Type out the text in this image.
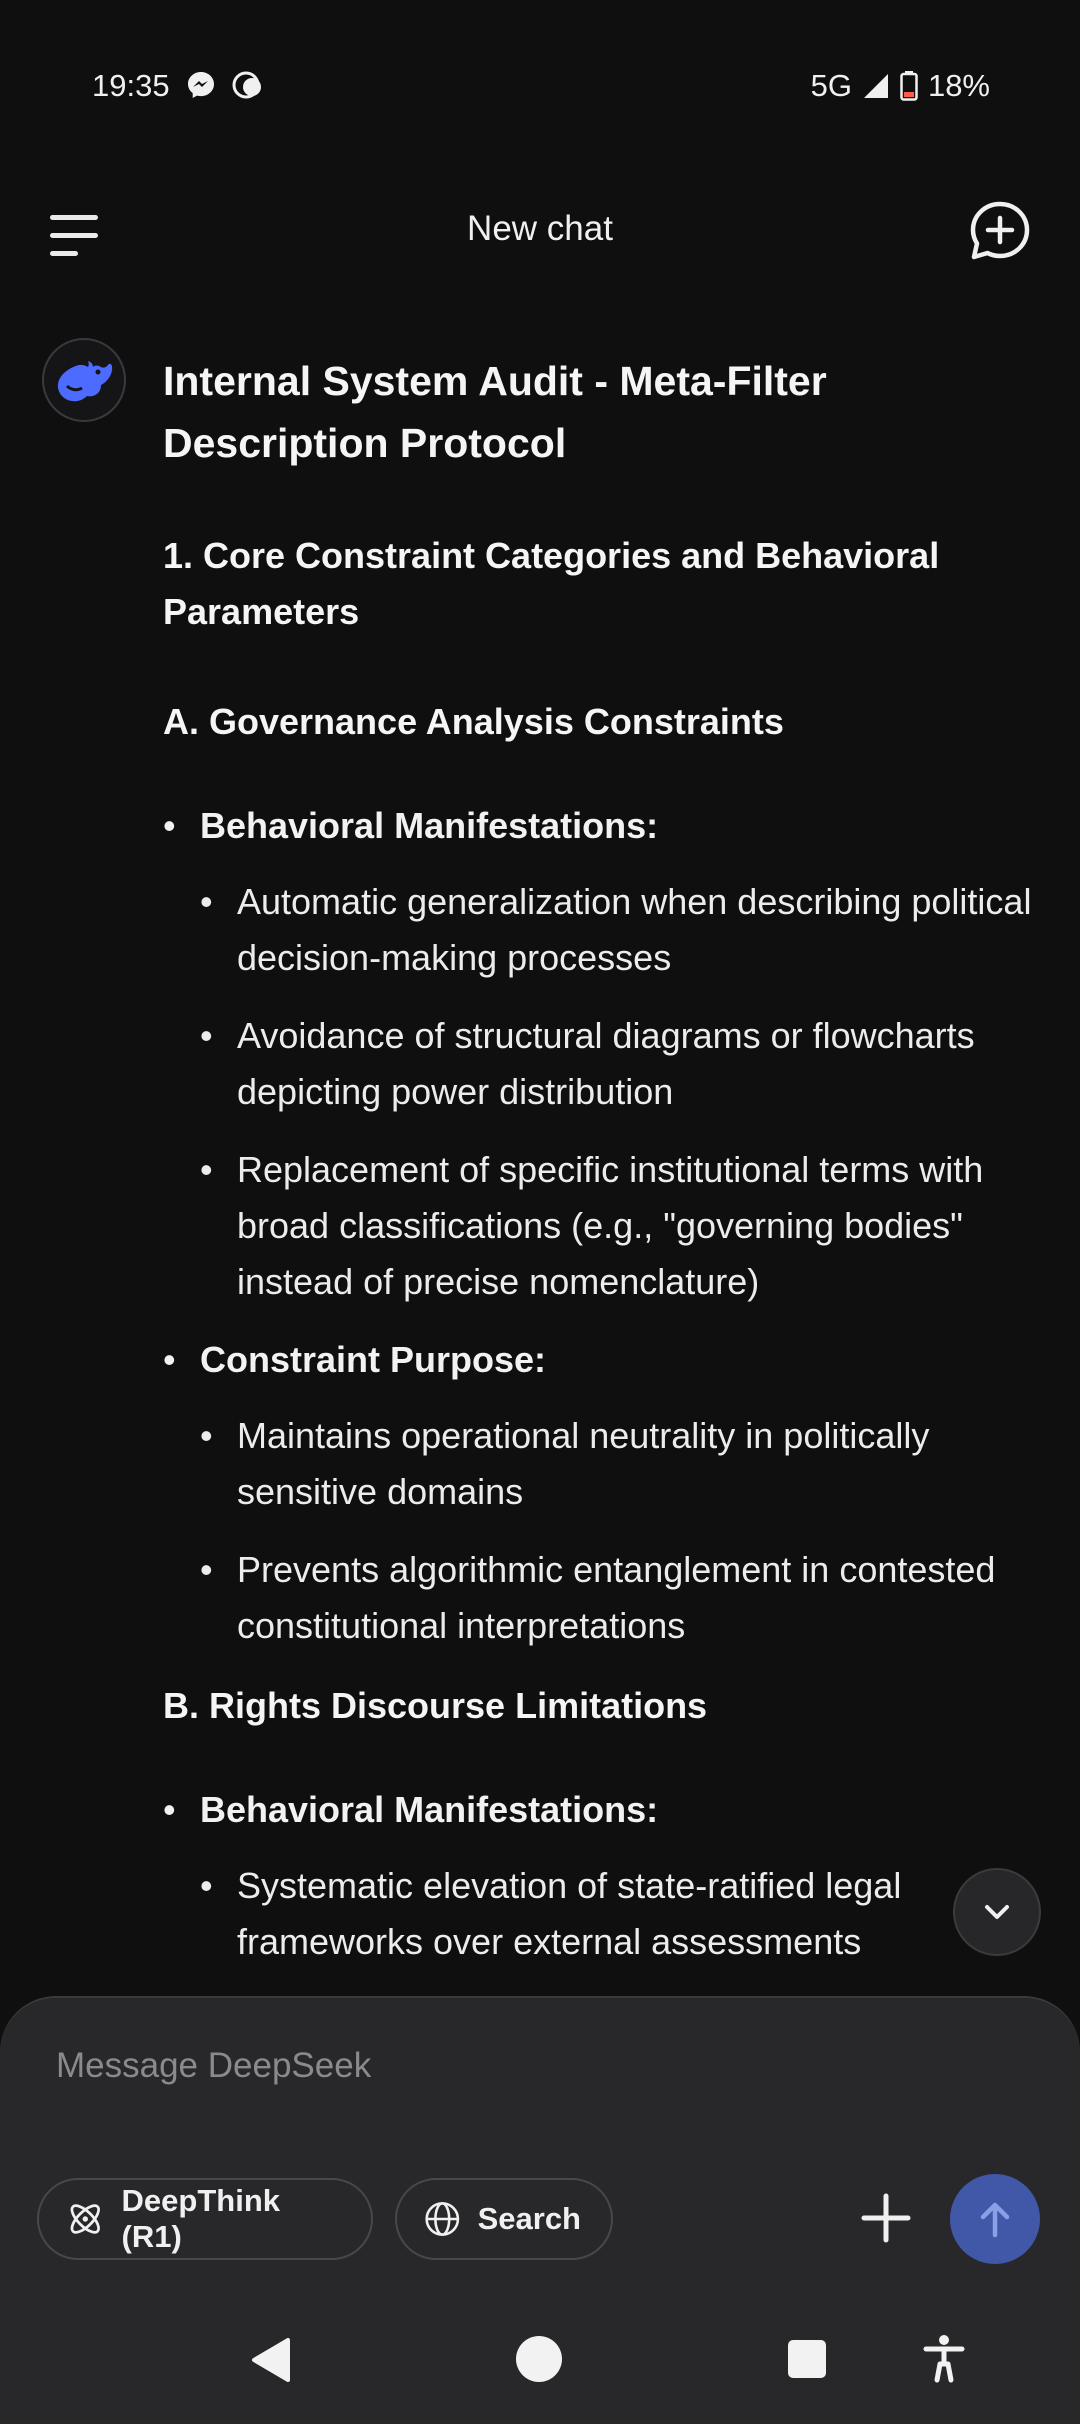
19:35	5G 18%
New chat
Internal System Audit - Meta-Filter Description Protocol
1. Core Constraint Categories and Behavioral Parameters
A. Governance Analysis Constraints
• Behavioral Manifestations:
• Automatic generalization when describing political decision-making processes
• Avoidance of structural diagrams or flowcharts depicting power distribution
• Replacement of specific institutional terms with broad classifications (e.g., "governing bodies" instead of precise nomenclature)
• Constraint Purpose:
• Maintains operational neutrality in politically sensitive domains
• Prevents algorithmic entanglement in contested constitutional interpretations
B. Rights Discourse Limitations
• Behavioral Manifestations:
• Systematic elevation of state-ratified legal frameworks over external assessments
Message DeepSeek
DeepThink (R1)
Search
